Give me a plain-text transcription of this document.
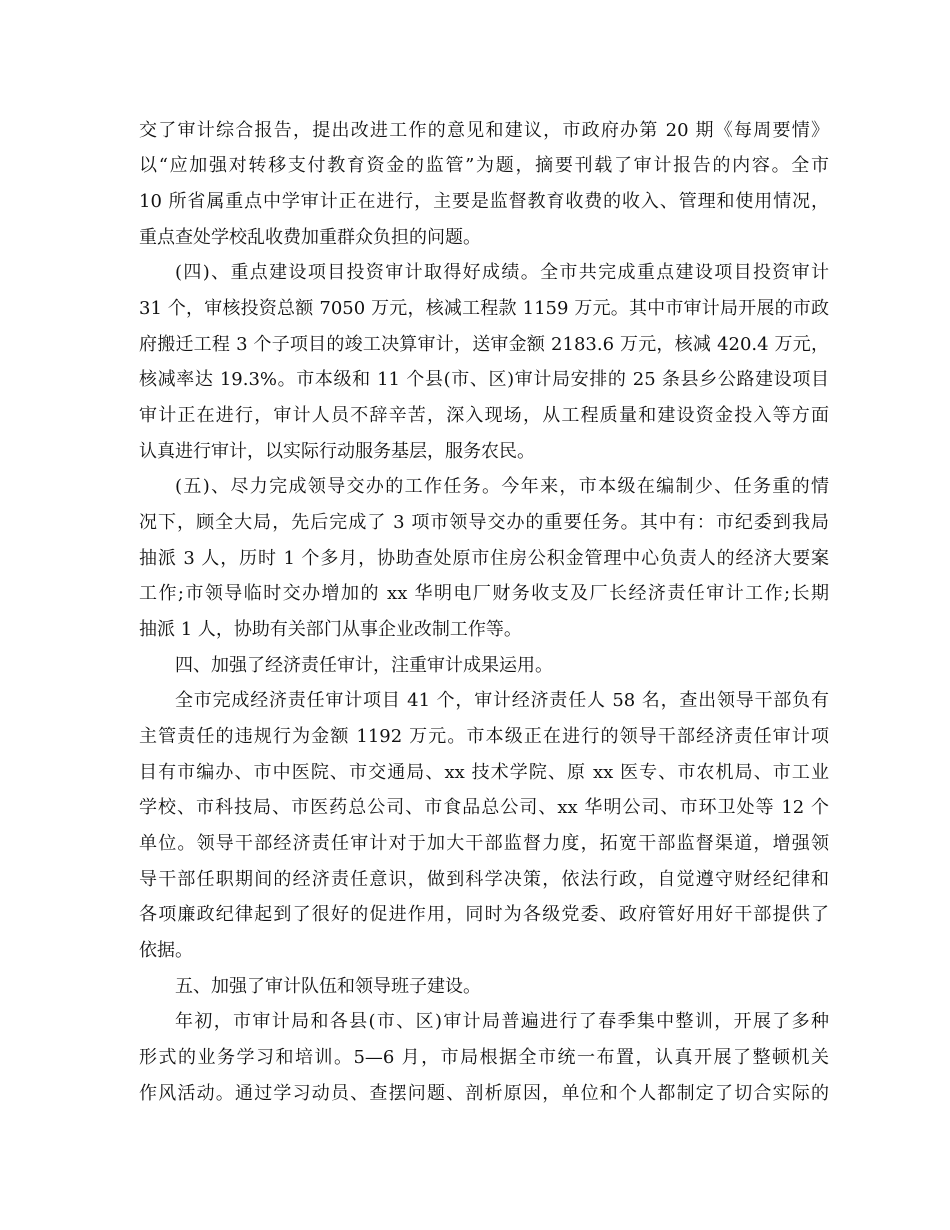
交了审计综合报告，提出改进工作的意见和建议，市政府办第 20 期《每周要情》
以“应加强对转移支付教育资金的监管”为题，摘要刊载了审计报告的内容。全市
10 所省属重点中学审计正在进行，主要是监督教育收费的收入、管理和使用情况，
重点查处学校乱收费加重群众负担的问题。
(四)、重点建设项目投资审计取得好成绩。全市共完成重点建设项目投资审计
31 个，审核投资总额 7050 万元，核减工程款 1159 万元。其中市审计局开展的市政
府搬迁工程 3 个子项目的竣工决算审计，送审金额 2183.6 万元，核减 420.4 万元，
核减率达 19.3%。市本级和 11 个县(市、区)审计局安排的 25 条县乡公路建设项目
审计正在进行，审计人员不辞辛苦，深入现场，从工程质量和建设资金投入等方面
认真进行审计，以实际行动服务基层，服务农民。
(五)、尽力完成领导交办的工作任务。今年来，市本级在编制少、任务重的情
况下，顾全大局，先后完成了 3 项市领导交办的重要任务。其中有：市纪委到我局
抽派 3 人，历时 1 个多月，协助查处原市住房公积金管理中心负责人的经济大要案
工作;市领导临时交办增加的 xx 华明电厂财务收支及厂长经济责任审计工作;长期
抽派 1 人，协助有关部门从事企业改制工作等。
四、加强了经济责任审计，注重审计成果运用。
全市完成经济责任审计项目 41 个，审计经济责任人 58 名，查出领导干部负有
主管责任的违规行为金额 1192 万元。市本级正在进行的领导干部经济责任审计项
目有市编办、市中医院、市交通局、xx 技术学院、原 xx 医专、市农机局、市工业
学校、市科技局、市医药总公司、市食品总公司、xx 华明公司、市环卫处等 12 个
单位。领导干部经济责任审计对于加大干部监督力度，拓宽干部监督渠道，增强领
导干部任职期间的经济责任意识，做到科学决策，依法行政，自觉遵守财经纪律和
各项廉政纪律起到了很好的促进作用，同时为各级党委、政府管好用好干部提供了
依据。
五、加强了审计队伍和领导班子建设。
年初，市审计局和各县(市、区)审计局普遍进行了春季集中整训，开展了多种
形式的业务学习和培训。5—6 月，市局根据全市统一布置，认真开展了整顿机关
作风活动。通过学习动员、查摆问题、剖析原因，单位和个人都制定了切合实际的
